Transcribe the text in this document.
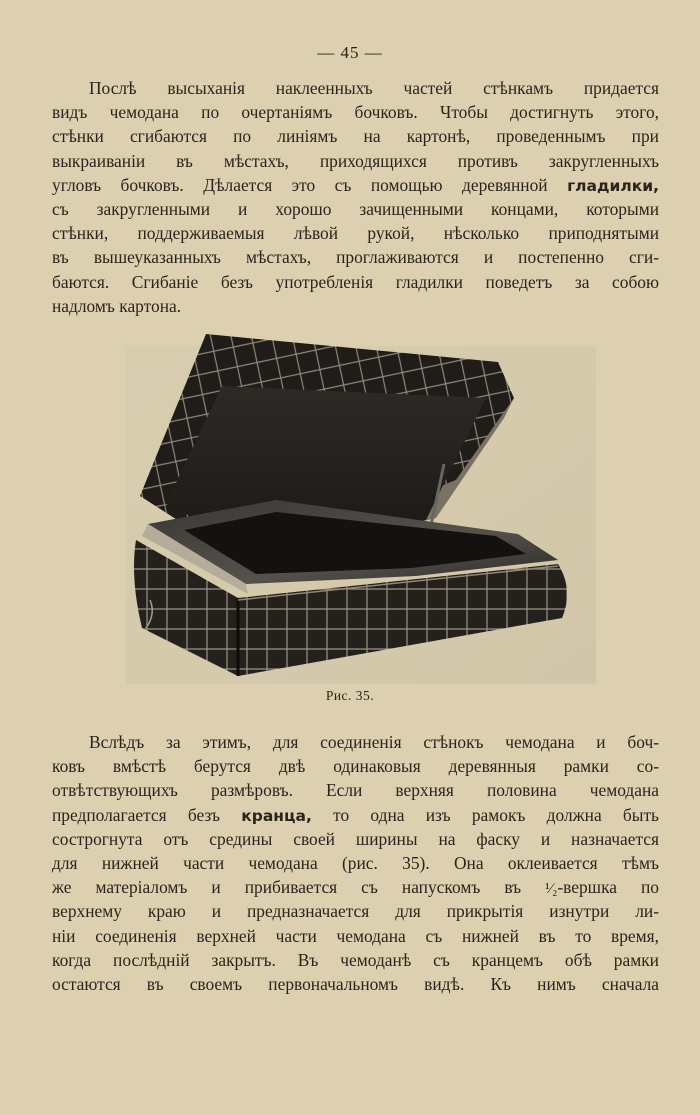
— 45 —
Послѣ высыханія наклеенныхъ частей стѣнкамъ придается
видъ чемодана по очертаніямъ бочковъ. Чтобы достигнуть этого,
стѣнки сгибаются по линіямъ на картонѣ, проведеннымъ при
выкраиваніи въ мѣстахъ, приходящихся противъ закругленныхъ
угловъ бочковъ. Дѣлается это съ помощью деревянной гладилки,
съ закругленными и хорошо зачищенными концами, которыми
стѣнки, поддерживаемыя лѣвой рукой, нѣсколько приподнятыми
въ вышеуказанныхъ мѣстахъ, проглаживаются и постепенно сги-
баются. Сгибаніе безъ употребленія гладилки поведетъ за собою
надломъ картона.
Рис. 35.
Вслѣдъ за этимъ, для соединенія стѣнокъ чемодана и боч-
ковъ вмѣстѣ берутся двѣ одинаковыя деревянныя рамки со-
отвѣтствующихъ размѣровъ. Если верхняя половина чемодана
предполагается безъ кранца, то одна изъ рамокъ должна быть
сострогнута отъ средины своей ширины на фаску и назначается
для нижней части чемодана (рис. 35). Она оклеивается тѣмъ
же матеріаломъ и прибивается съ напускомъ въ ¹⁄₂-вершка по
верхнему краю и предназначается для прикрытія изнутри ли-
ніи соединенія верхней части чемодана съ нижней въ то время,
когда послѣдній закрытъ. Въ чемоданѣ съ кранцемъ обѣ рамки
остаются въ своемъ первоначальномъ видѣ. Къ нимъ сначала
